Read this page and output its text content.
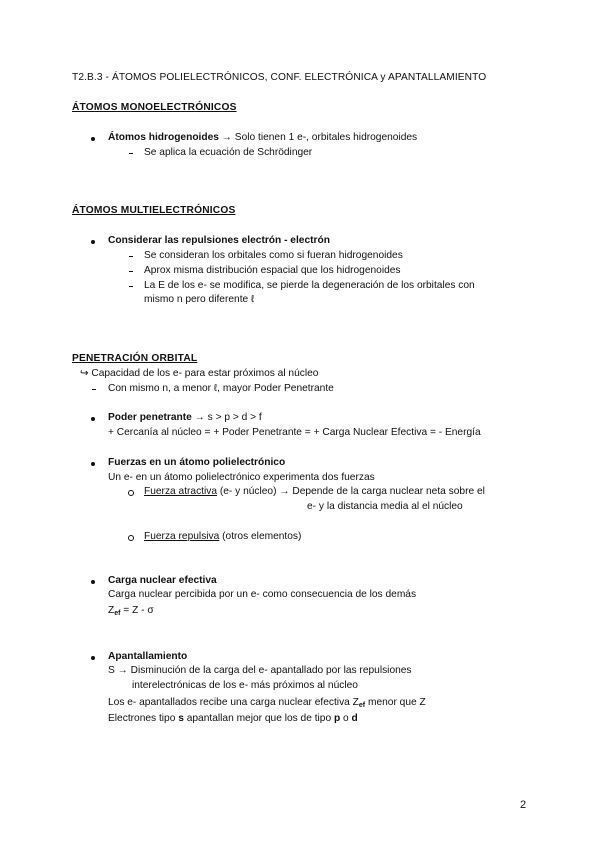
T2.B.3 - ÁTOMOS POLIELECTRÓNICOS, CONF. ELECTRÓNICA y APANTALLAMIENTO
ÁTOMOS MONOELECTRÓNICOS
Átomos hidrogenoides → Solo tienen 1 e-, orbitales hidrogenoides
Se aplica la ecuación de Schrödinger
ÁTOMOS MULTIELECTRÓNICOS
Considerar las repulsiones electrón - electrón
Se consideran los orbitales como si fueran hidrogenoides
Aprox misma distribución espacial que los hidrogenoides
La E de los e- se modifica, se pierde la degeneración de los orbitales con
mismo n pero diferente ℓ
PENETRACIÓN ORBITAL
↪ Capacidad de los e- para estar próximos al núcleo
Con mismo n, a menor ℓ, mayor Poder Penetrante
Poder penetrante → s > p > d > f
+ Cercanía al núcleo = + Poder Penetrante = + Carga Nuclear Efectiva = - Energía
Fuerzas en un átomo polielectrónico
Un e- en un átomo polielectrónico experimenta dos fuerzas
Fuerza atractiva (e- y núcleo) → Depende de la carga nuclear neta sobre el
e- y la distancia media al el núcleo
Fuerza repulsiva (otros elementos)
Carga nuclear efectiva
Carga nuclear percibida por un e- como consecuencia de los demás
$Z_{ef} = Z - \sigma$
Apantallamiento
S → Disminución de la carga del e- apantallado por las repulsiones
interelectrónicas de los e- más próximos al núcleo
Los e- apantallados recibe una carga nuclear efectiva $Z_{ef}$ menor que Z
Electrones tipo s apantallan mejor que los de tipo p o d
2
